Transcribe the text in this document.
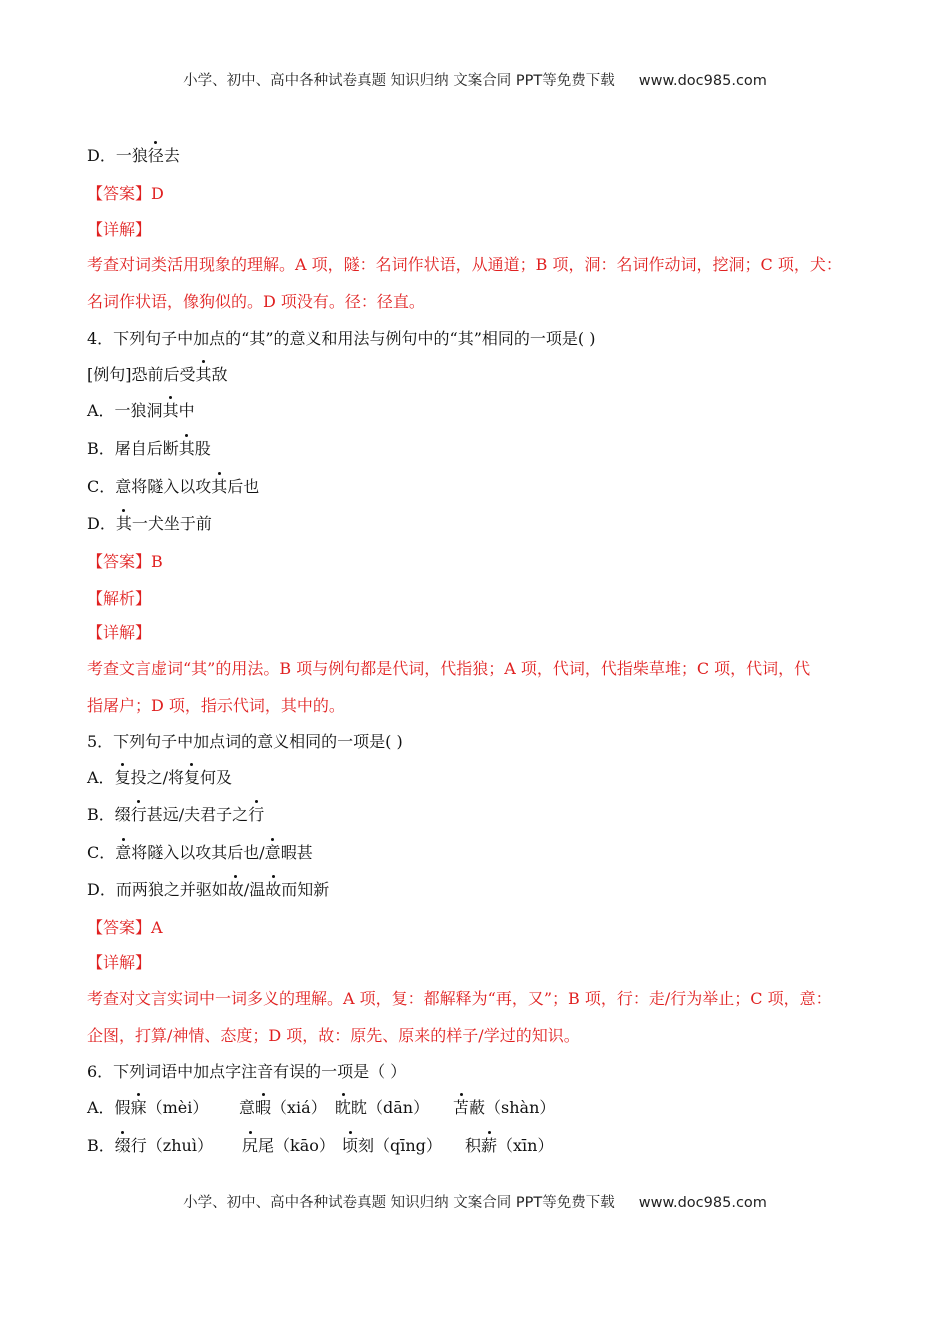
小学、初中、高中各种试卷真题 知识归纳 文案合同 PPT等免费下载 www.doc985.com
D．一狼径去
【答案】D
【详解】
考查对词类活用现象的理解。A 项，隧：名词作状语，从通道；B 项，洞：名词作动词，挖洞；C 项，犬：
名词作状语，像狗似的。D 项没有。径：径直。
4．下列句子中加点的“其”的意义和用法与例句中的“其”相同的一项是( )
[例句]恐前后受其敌
A．一狼洞其中
B．屠自后断其股
C．意将隧入以攻其后也
D．其一犬坐于前
【答案】B
【解析】
【详解】
考查文言虚词“其”的用法。B 项与例句都是代词，代指狼；A 项，代词，代指柴草堆；C 项，代词，代
指屠户；D 项，指示代词，其中的。
5．下列句子中加点词的意义相同的一项是( )
A．复投之/将复何及
B．缀行甚远/夫君子之行
C．意将隧入以攻其后也/意暇甚
D．而两狼之并驱如故/温故而知新
【答案】A
【详解】
考查对文言实词中一词多义的理解。A 项，复：都解释为“再，又”；B 项，行：走/行为举止；C 项，意：
企图，打算/神情、态度；D 项，故：原先、原来的样子/学过的知识。
6．下列词语中加点字注音有误的一项是（ ）
A．假寐（mèi） 意暇（xiá） 眈眈（dān） 苫蔽（shàn）
B．缀行（zhuì） 尻尾（kāo） 顷刻（qīng） 积薪（xīn）
小学、初中、高中各种试卷真题 知识归纳 文案合同 PPT等免费下载 www.doc985.com
